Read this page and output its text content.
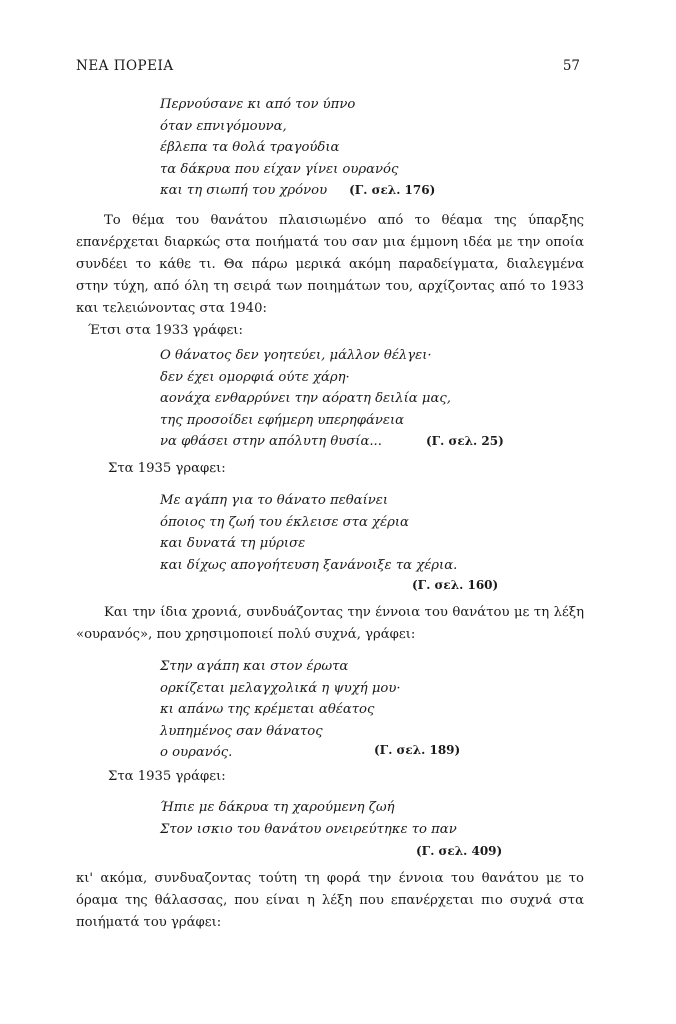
ΝΕΑ ΠΟΡΕΙΑ	57
Περνούσανε κι από τον ύπνο
όταν επνιγόμουνα,
έβλεπα τα θολά τραγούδια
τα δάκρυα που είχαν γίνει ουρανός
και τη σιωπή του χρόνου (Γ. σελ. 176)

Το θέμα του θανάτου πλαισιωμένο από το θέαμα της ύπαρξης επανέρχεται διαρκώς στα ποιήματά του σαν μια έμμονη ιδέα με την οποία συνδέει το κάθε τι. Θα πάρω μερικά ακόμη παραδείγματα, διαλεγμένα στην τύχη, από όλη τη σειρά των ποιημάτων του, αρχίζοντας από το 1933 και τελειώνοντας στα 1940:

Έτσι στα 1933 γράφει:

Ο θάνατος δεν γοητεύει, μάλλον θέλγει·
δεν έχει ομορφιά ούτε χάρη·
αονάχα ενθαρρύνει την αόρατη δειλία μας,
της προσοίδει εφήμερη υπερηφάνεια
να φθάσει στην απόλυτη θυσία...	(Γ. σελ. 25)

Στα 1935 γραφει:

Με αγάπη για το θάνατο πεθαίνει
όποιος τη ζωή του έκλεισε στα χέρια
και δυνατά τη μύρισε
και δίχως απογοήτευση ξανάνοιξε τα χέρια.
(Γ. σελ. 160)

Και την ίδια χρονιά, συνδυάζοντας την έννοια του θανάτου με τη λέξη «ουρανός», που χρησιμοποιεί πολύ συχνά, γράφει:

Στην αγάπη και στον έρωτα
ορκίζεται μελαγχολικά η ψυχή μου·
κι απάνω της κρέμεται αθέατος
λυπημένος σαν θάνατος
ο ουρανός.	(Γ. σελ. 189)

Στα 1935 γράφει:

Ήπιε με δάκρυα τη χαρούμενη ζωή
Στον ισκιο του θανάτου ονειρεύτηκε το παν
(Γ. σελ. 409)

κι' ακόμα, συνδυαζοντας τούτη τη φορά την έννοια του θανάτου με το όραμα της θάλασσας, που είναι η λέξη που επανέρχεται πιο συχνά στα ποιήματά του γράφει:
